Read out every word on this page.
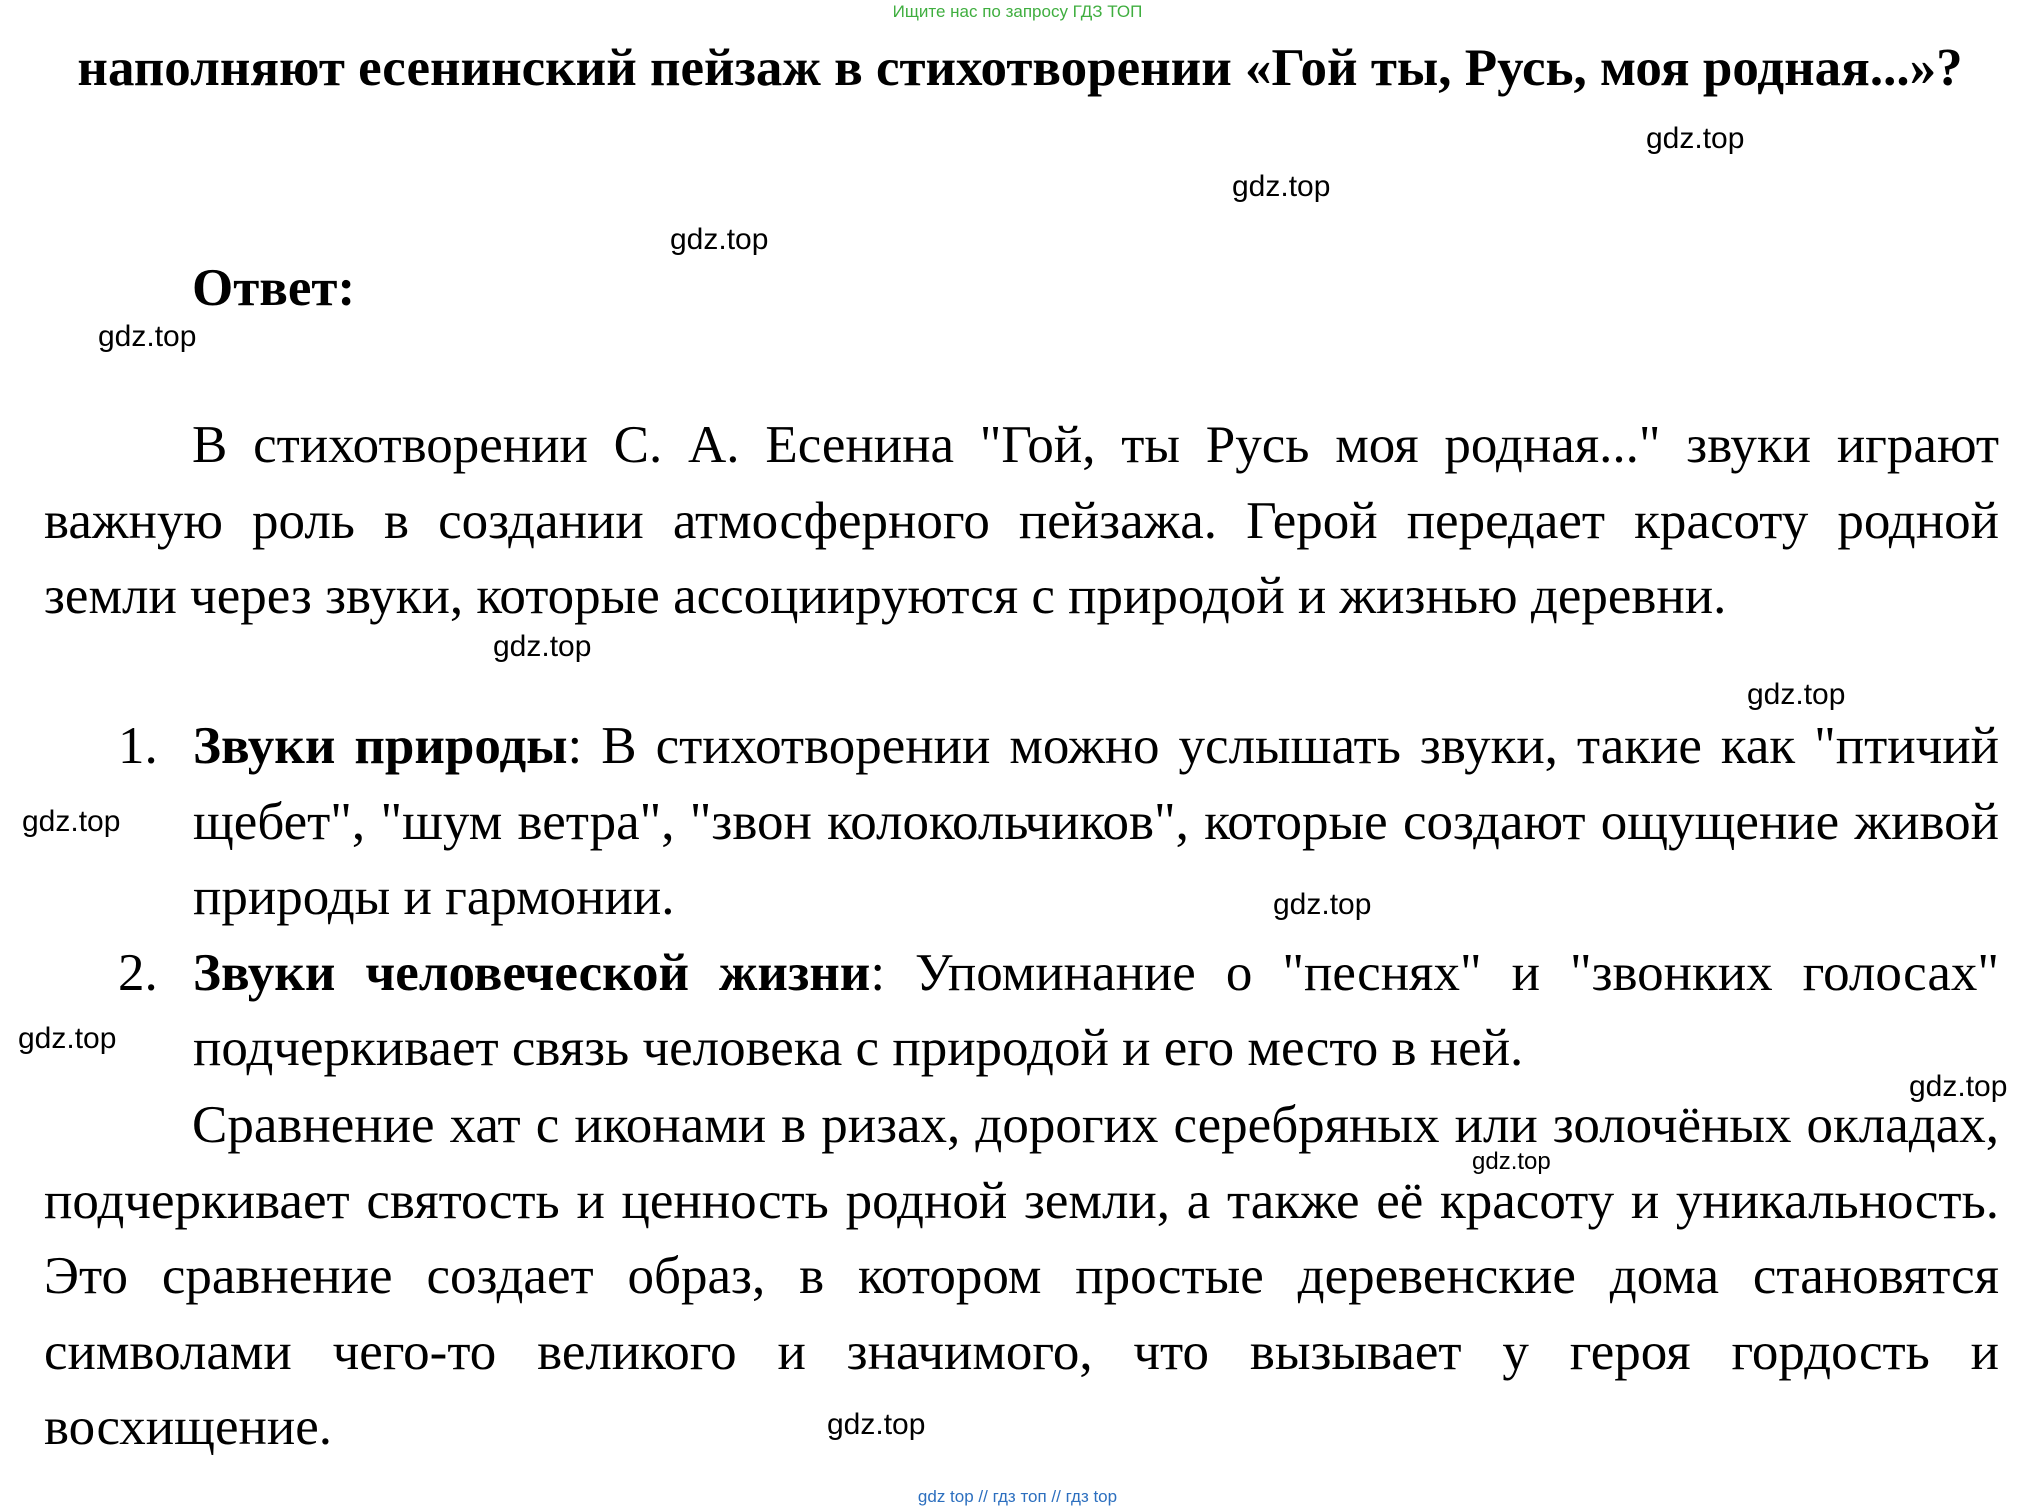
Ищите нас по запросу ГДЗ ТОП
наполняют есенинский пейзаж в стихотворении «Гой ты, Русь, моя родная...»?
Ответ:
В стихотворении С. А. Есенина "Гой, ты Русь моя родная..." звуки играют важную роль в создании атмосферного пейзажа. Герой передает красоту родной земли через звуки, которые ассоциируются с природой и жизнью деревни.
1. Звуки природы: В стихотворении можно услышать звуки, такие как "птичий щебет", "шум ветра", "звон колокольчиков", которые создают ощущение живой природы и гармонии.
2. Звуки человеческой жизни: Упоминание о "песнях" и "звонких голосах" подчеркивает связь человека с природой и его место в ней.
Сравнение хат с иконами в ризах, дорогих серебряных или золочёных окладах, подчеркивает святость и ценность родной земли, а также её красоту и уникальность. Это сравнение создает образ, в котором простые деревенские дома становятся символами чего-то великого и значимого, что вызывает у героя гордость и восхищение.
gdz.top
gdz.top
gdz.top
gdz.top
gdz.top
gdz.top
gdz.top
gdz.top
gdz.top
gdz.top
gdz.top
gdz.top
gdz top // гдз топ // гдз top
